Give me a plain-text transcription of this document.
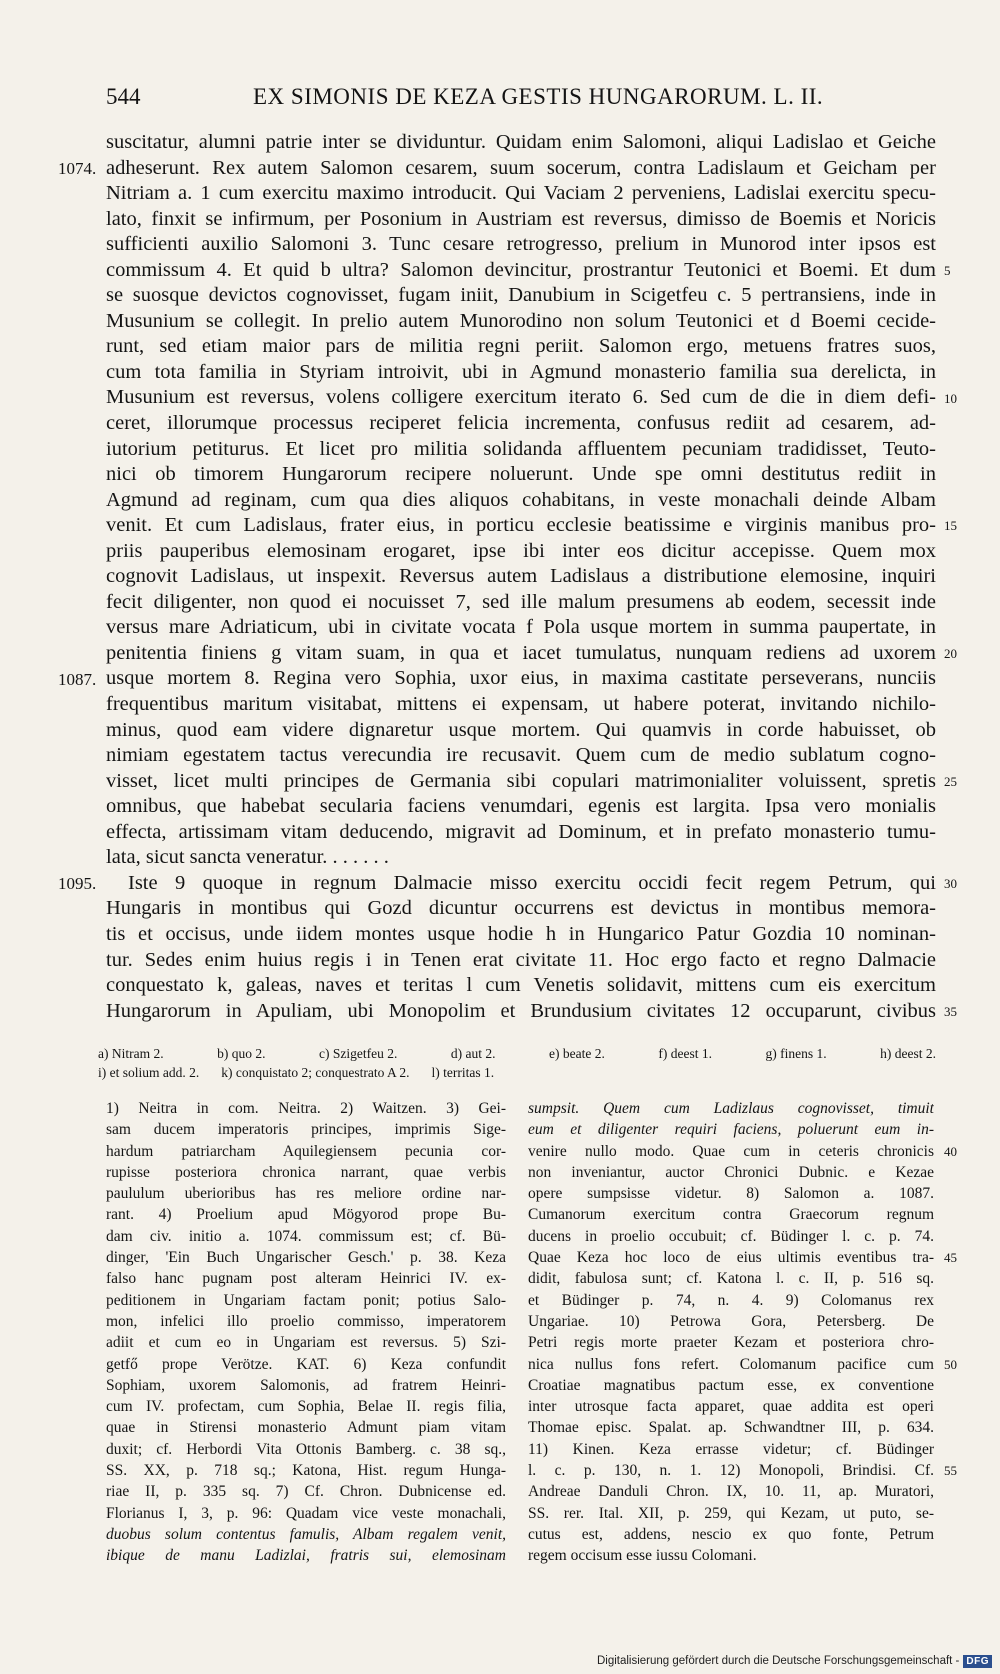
544	EX SIMONIS DE KEZA GESTIS HUNGARORUM. L. II.
suscitatur, alumni patrie inter se dividuntur. Quidam enim Salomoni, aliqui Ladislao et Geiche
adheserunt. Rex autem Salomon cesarem, suum socerum, contra Ladislaum et Geicham per
Nitriam a. 1 cum exercitu maximo introducit. Qui Vaciam 2 perveniens, Ladislai exercitu specu-
lato, finxit se infirmum, per Posonium in Austriam est reversus, dimisso de Boemis et Noricis
sufficienti auxilio Salomoni 3. Tunc cesare retrogresso, prelium in Munorod inter ipsos est
commissum 4. Et quid b ultra? Salomon devincitur, prostrantur Teutonici et Boemi. Et dum
se suosque devictos cognovisset, fugam iniit, Danubium in Scigetfeu c. 5 pertransiens, inde in
Musunium se collegit. In prelio autem Munorodino non solum Teutonici et d Boemi cecide-
runt, sed etiam maior pars de militia regni periit. Salomon ergo, metuens fratres suos,
cum tota familia in Styriam introivit, ubi in Agmund monasterio familia sua derelicta, in
Musunium est reversus, volens colligere exercitum iterato 6. Sed cum de die in diem defi-
ceret, illorumque processus reciperet felicia incrementa, confusus rediit ad cesarem, ad-
iutorium petiturus. Et licet pro militia solidanda affluentem pecuniam tradidisset, Teuto-
nici ob timorem Hungarorum recipere noluerunt. Unde spe omni destitutus rediit in
Agmund ad reginam, cum qua dies aliquos cohabitans, in veste monachali deinde Albam
venit. Et cum Ladislaus, frater eius, in porticu ecclesie beatissime e virginis manibus pro-
priis pauperibus elemosinam erogaret, ipse ibi inter eos dicitur accepisse. Quem mox
cognovit Ladislaus, ut inspexit. Reversus autem Ladislaus a distributione elemosine, inquiri
fecit diligenter, non quod ei nocuisset 7, sed ille malum presumens ab eodem, secessit inde
versus mare Adriaticum, ubi in civitate vocata f Pola usque mortem in summa paupertate, in
penitentia finiens g vitam suam, in qua et iacet tumulatus, nunquam rediens ad uxorem
usque mortem 8. Regina vero Sophia, uxor eius, in maxima castitate perseverans, nunciis
frequentibus maritum visitabat, mittens ei expensam, ut habere poterat, invitando nichilo-
minus, quod eam videre dignaretur usque mortem. Qui quamvis in corde habuisset, ob
nimiam egestatem tactus verecundia ire recusavit. Quem cum de medio sublatum cogno-
visset, licet multi principes de Germania sibi copulari matrimonialiter voluissent, spretis
omnibus, que habebat secularia faciens venumdari, egenis est largita. Ipsa vero monialis
effecta, artissimam vitam deducendo, migravit ad Dominum, et in prefato monasterio tumu-
lata, sicut sancta veneratur. . . . . . .
Iste 9 quoque in regnum Dalmacie misso exercitu occidi fecit regem Petrum, qui
Hungaris in montibus qui Gozd dicuntur occurrens est devictus in montibus memora-
tis et occisus, unde iidem montes usque hodie h in Hungarico Patur Gozdia 10 nominan-
tur. Sedes enim huius regis i in Tenen erat civitate 11. Hoc ergo facto et regno Dalmacie
conquestato k, galeas, naves et teritas l cum Venetis solidavit, mittens cum eis exercitum
Hungarorum in Apuliam, ubi Monopolim et Brundusium civitates 12 occuparunt, civibus
1074.
5
10
15
20
1087.
25
1095.	30
35
a) Nitram 2.	b) quo 2.	c) Szigetfeu 2.	d) aut 2.	e) beate 2.	f) deest 1.	g) finens 1.	h) deest 2.
i) et solium add. 2. k) conquistato 2; conquestrato A 2. l) territas 1.
1) Neitra in com. Neitra. 2) Waitzen. 3) Gei-
sam ducem imperatoris principes, imprimis Sige-
hardum patriarcham Aquilegiensem pecunia cor-
rupisse posteriora chronica narrant, quae verbis
paululum uberioribus has res meliore ordine nar-
rant. 4) Proelium apud Mögyorod prope Bu-
dam civ. initio a. 1074. commissum est; cf. Bü-
dinger, 'Ein Buch Ungarischer Gesch.' p. 38. Keza
falso hanc pugnam post alteram Heinrici IV. ex-
peditionem in Ungariam factam ponit; potius Salo-
mon, infelici illo proelio commisso, imperatorem
adiit et cum eo in Ungariam est reversus. 5) Szi-
getfő prope Verötze. KAT. 6) Keza confundit
Sophiam, uxorem Salomonis, ad fratrem Heinri-
cum IV. profectam, cum Sophia, Belae II. regis filia,
quae in Stirensi monasterio Admunt piam vitam
duxit; cf. Herbordi Vita Ottonis Bamberg. c. 38 sq.,
SS. XX, p. 718 sq.; Katona, Hist. regum Hunga-
riae II, p. 335 sq. 7) Cf. Chron. Dubnicense ed.
Florianus I, 3, p. 96: Quadam vice veste monachali,
duobus solum contentus famulis, Albam regalem venit,
ibique de manu Ladizlai, fratris sui, elemosinam
sumpsit. Quem cum Ladizlaus cognovisset, timuit
eum et diligenter requiri faciens, poluerunt eum in-
venire nullo modo. Quae cum in ceteris chronicis
non inveniantur, auctor Chronici Dubnic. e Kezae
opere sumpsisse videtur. 8) Salomon a. 1087.
Cumanorum exercitum contra Graecorum regnum
ducens in proelio occubuit; cf. Büdinger l. c. p. 74.
Quae Keza hoc loco de eius ultimis eventibus tra-
didit, fabulosa sunt; cf. Katona l. c. II, p. 516 sq.
et Büdinger p. 74, n. 4. 9) Colomanus rex
Ungariae. 10) Petrowa Gora, Petersberg. De
Petri regis morte praeter Kezam et posteriora chro-
nica nullus fons refert. Colomanum pacifice cum
Croatiae magnatibus pactum esse, ex conventione
inter utrosque facta apparet, quae addita est operi
Thomae episc. Spalat. ap. Schwandtner III, p. 634.
11) Kinen. Keza errasse videtur; cf. Büdinger
l. c. p. 130, n. 1. 12) Monopoli, Brindisi. Cf.
Andreae Danduli Chron. IX, 10. 11, ap. Muratori,
SS. rer. Ital. XII, p. 259, qui Kezam, ut puto, se-
cutus est, addens, nescio ex quo fonte, Petrum
regem occisum esse iussu Colomani.
40
45
50
55
Digitalisierung gefördert durch die Deutsche Forschungsgemeinschaft - DFG
